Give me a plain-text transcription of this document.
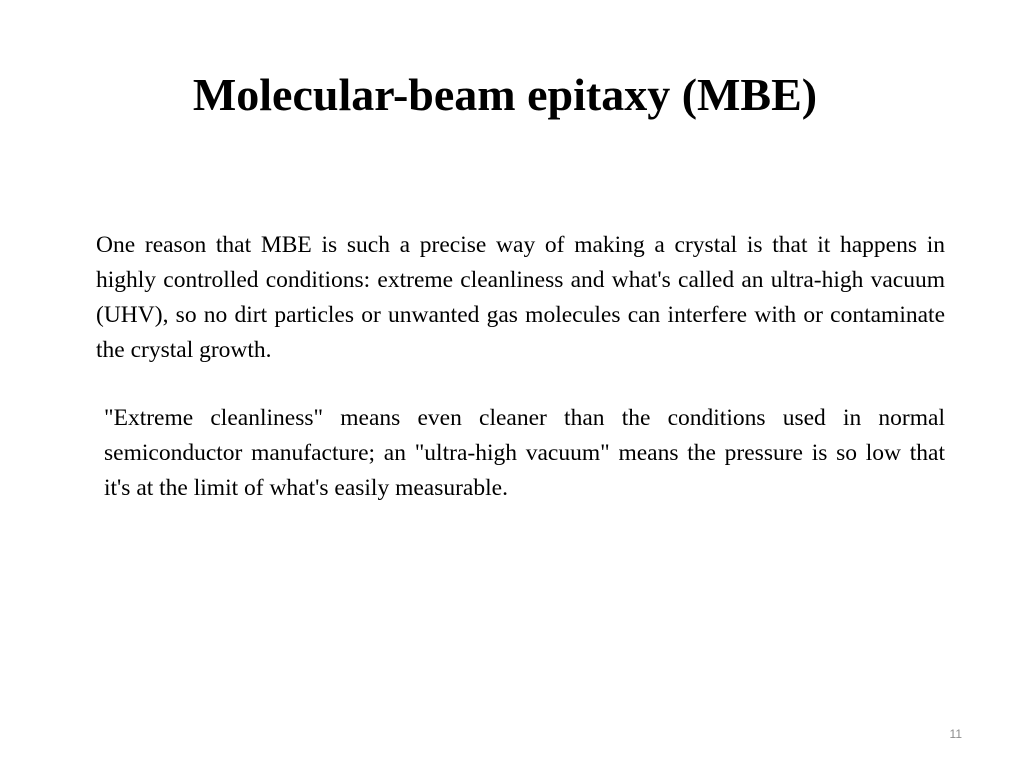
Molecular-beam epitaxy (MBE)

One reason that MBE is such a precise way of making a crystal is that it happens in highly controlled conditions: extreme cleanliness and what's called an ultra-high vacuum (UHV), so no dirt particles or unwanted gas molecules can interfere with or contaminate the crystal growth.

"Extreme cleanliness" means even cleaner than the conditions used in normal semiconductor manufacture; an "ultra-high vacuum" means the pressure is so low that it's at the limit of what's easily measurable.

11
